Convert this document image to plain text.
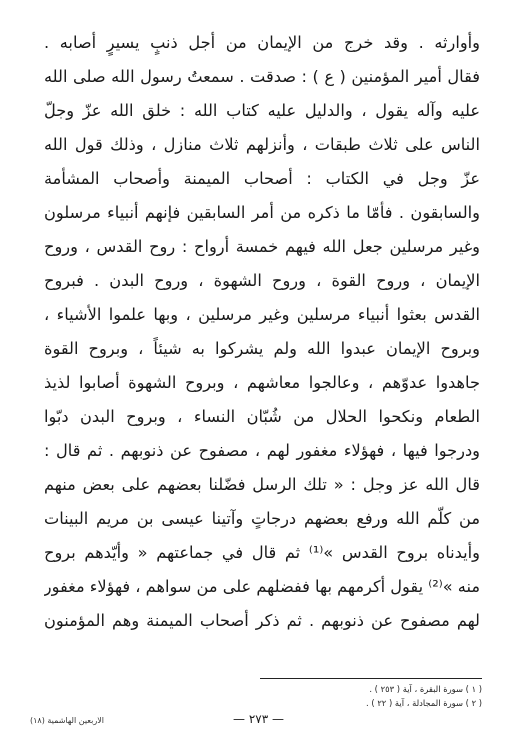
وأوارثه . وقد خرج من الإيمان من أجل ذنبٍ يسيرٍ أصابه .
فقال أمير المؤمنين ( ع ) : صدقت . سمعتُ رسول الله صلى الله
عليه وآله يقول ، والدليل عليه كتاب الله : خلق الله عزّ وجلّ
الناس على ثلاث طبقات ، وأنزلهم ثلاث منازل ، وذلك قول الله
عزّ وجل في الكتاب : أصحاب الميمنة وأصحاب المشأمة
والسابقون . فأمّا ما ذكره من أمر السابقين فإنهم أنبياء مرسلون
وغير مرسلين جعل الله فيهم خمسة أرواح : روح القدس ، وروح
الإيمان ، وروح القوة ، وروح الشهوة ، وروح البدن . فبروح
القدس بعثوا أنبياء مرسلين وغير مرسلين ، وبها علموا الأشياء ،
وبروح الإيمان عبدوا الله ولم يشركوا به شيئاً ، وبروح القوة
جاهدوا عدوّهم ، وعالجوا معاشهم ، وبروح الشهوة أصابوا لذيذ
الطعام ونكحوا الحلال من شُبّان النساء ، وبروح البدن دبّوا
ودرجوا فيها ، فهؤلاء مغفور لهم ، مصفوح عن ذنوبهم . ثم قال :
قال الله عز وجل : « تلك الرسل فضّلنا بعضهم على بعض منهم
من كلّم الله ورفع بعضهم درجاتٍ وآتينا عيسى بن مريم البينات
وأيدناه بروح القدس »⁽¹⁾ ثم قال في جماعتهم « وأيّدهم بروح
منه »⁽²⁾ يقول أكرمهم بها ففضلهم على من سواهم ، فهؤلاء مغفور
لهم مصفوح عن ذنوبهم . ثم ذكر أصحاب الميمنة وهم المؤمنون
( ١ ) سورة البقرة ، آية ( ٢٥٣ ) .
( ٢ ) سورة المجادلة ، آية ( ٢٢ ) .
— ٢٧٣ —
الاربعين الهاشمية (١٨)
